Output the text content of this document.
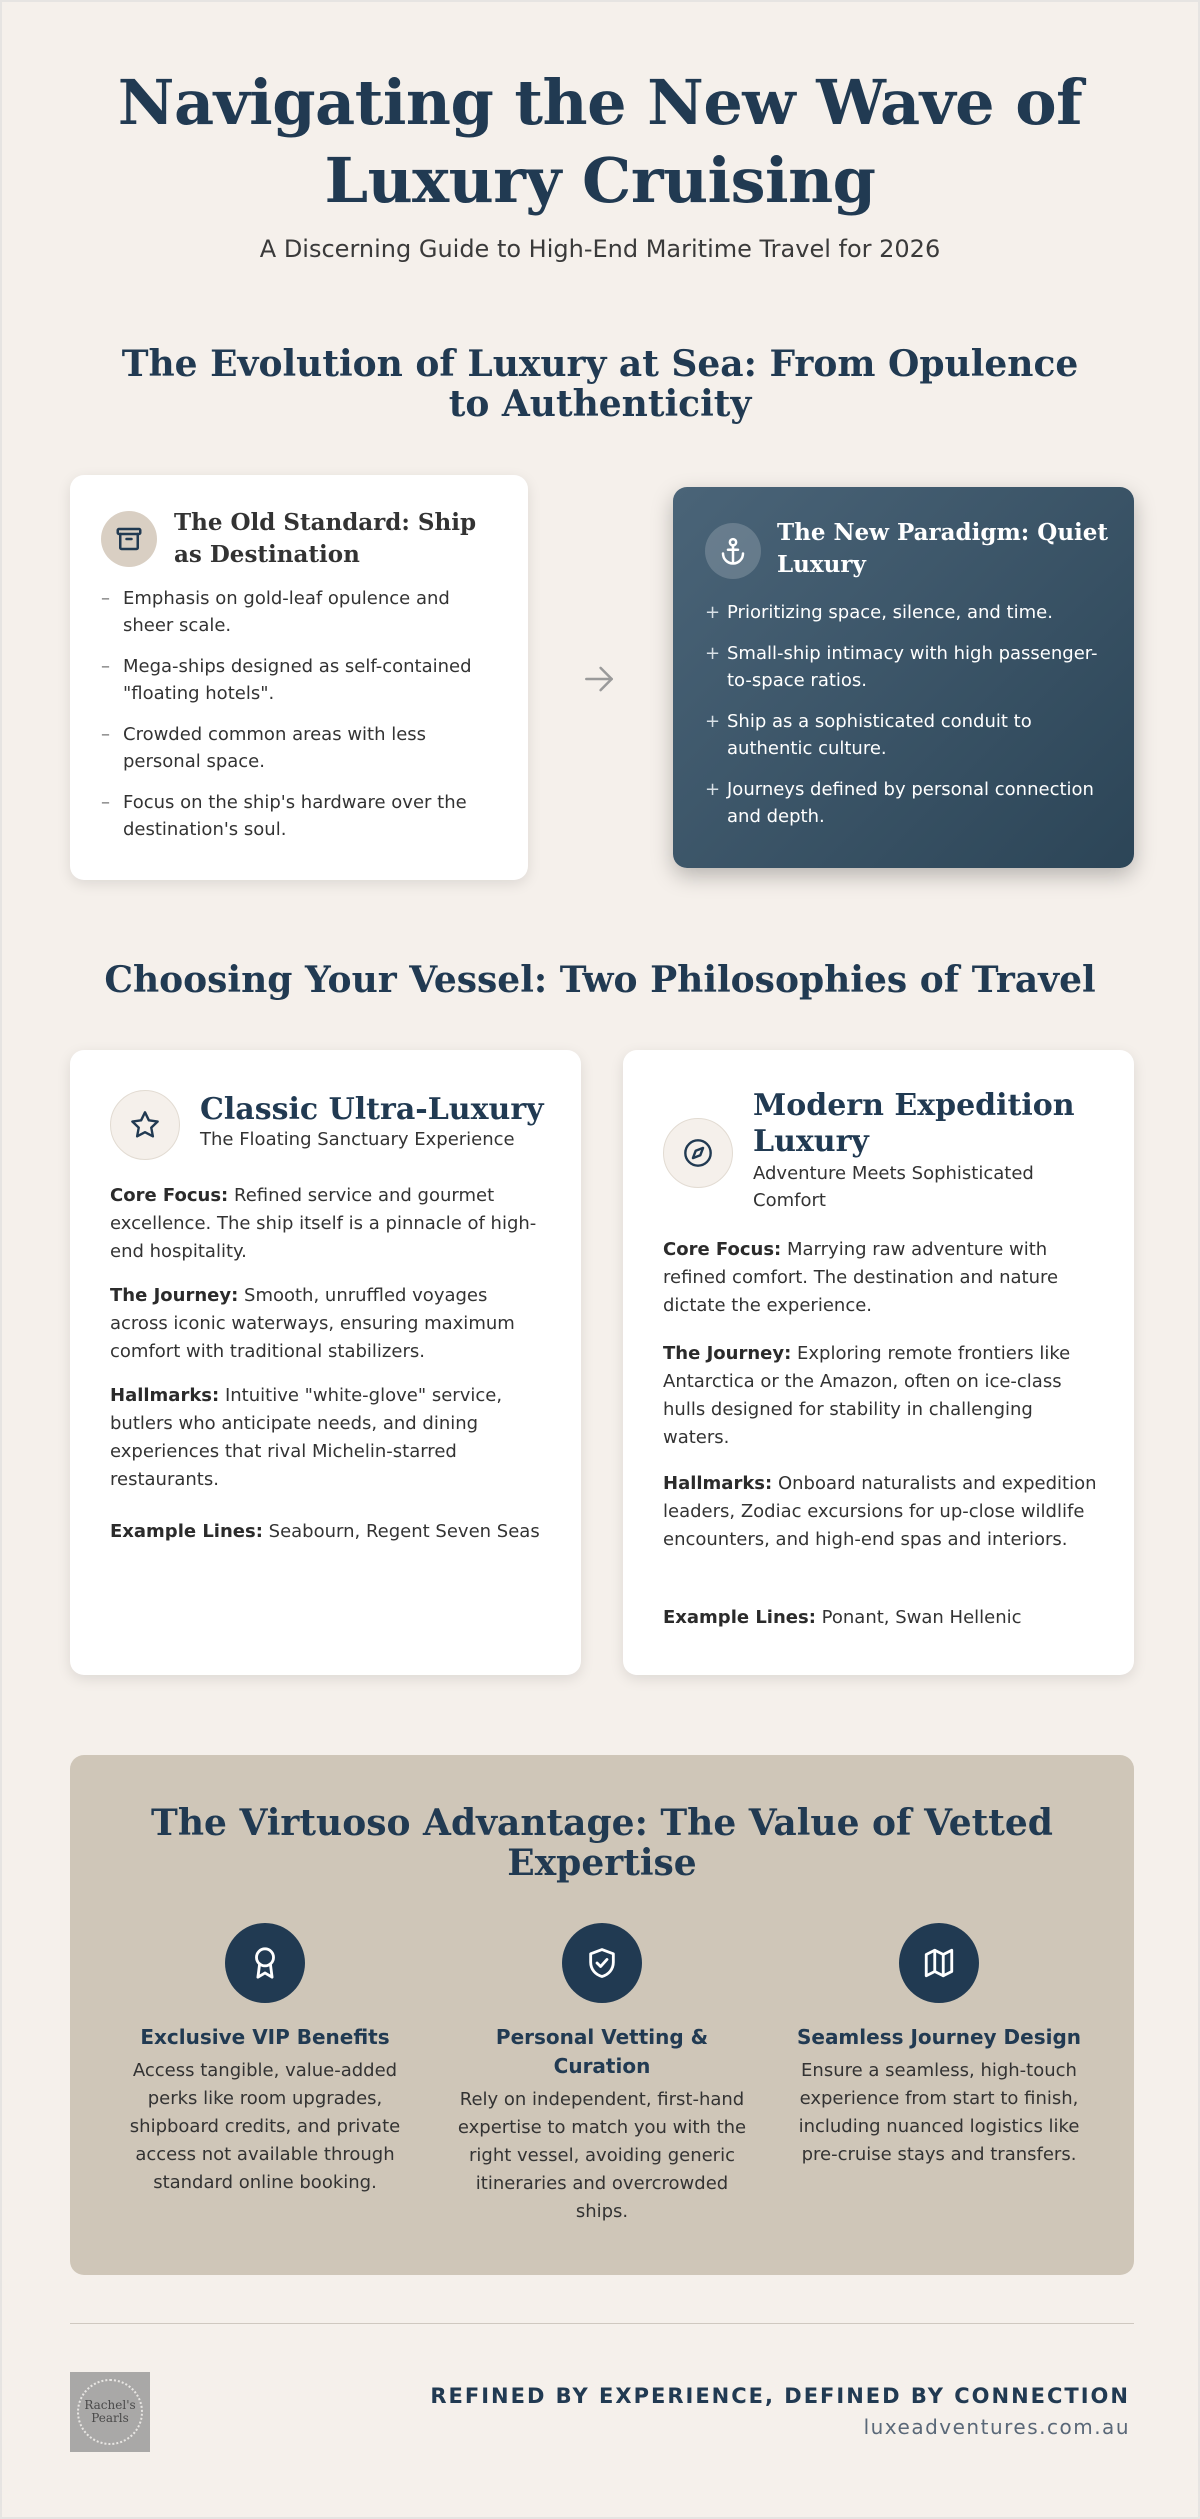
Navigating the New Wave of Luxury Cruising

A Discerning Guide to High-End Maritime Travel for 2026

The Evolution of Luxury at Sea: From Opulence to Authenticity
The Old Standard: Ship as Destination
– Emphasis on gold-leaf opulence and sheer scale.
– Mega-ships designed as self-contained "floating hotels".
– Crowded common areas with less personal space.
– Focus on the ship's hardware over the destination's soul.
The New Paradigm: Quiet Luxury
+ Prioritizing space, silence, and time.
+ Small-ship intimacy with high passenger-to-space ratios.
+ Ship as a sophisticated conduit to authentic culture.
+ Journeys defined by personal connection and depth.
Choosing Your Vessel: Two Philosophies of Travel
Classic Ultra-Luxury
The Floating Sanctuary Experience

Core Focus: Refined service and gourmet excellence. The ship itself is a pinnacle of high-end hospitality.

The Journey: Smooth, unruffled voyages across iconic waterways, ensuring maximum comfort with traditional stabilizers.

Hallmarks: Intuitive "white-glove" service, butlers who anticipate needs, and dining experiences that rival Michelin-starred restaurants.

Example Lines: Seabourn, Regent Seven Seas

Modern Expedition Luxury
Adventure Meets Sophisticated Comfort

Core Focus: Marrying raw adventure with refined comfort. The destination and nature dictate the experience.

The Journey: Exploring remote frontiers like Antarctica or the Amazon, often on ice-class hulls designed for stability in challenging waters.

Hallmarks: Onboard naturalists and expedition leaders, Zodiac excursions for up-close wildlife encounters, and high-end spas and interiors.

Example Lines: Ponant, Swan Hellenic

The Virtuoso Advantage: The Value of Vetted Expertise
Exclusive VIP Benefits
Access tangible, value-added perks like room upgrades, shipboard credits, and private access not available through standard online booking.
Personal Vetting & Curation
Rely on independent, first-hand expertise to match you with the right vessel, avoiding generic itineraries and overcrowded ships.
Seamless Journey Design
Ensure a seamless, high-touch experience from start to finish, including nuanced logistics like pre-cruise stays and transfers.
Rachel's
Pearls
REFINED BY EXPERIENCE, DEFINED BY CONNECTION
luxeadventures.com.au
